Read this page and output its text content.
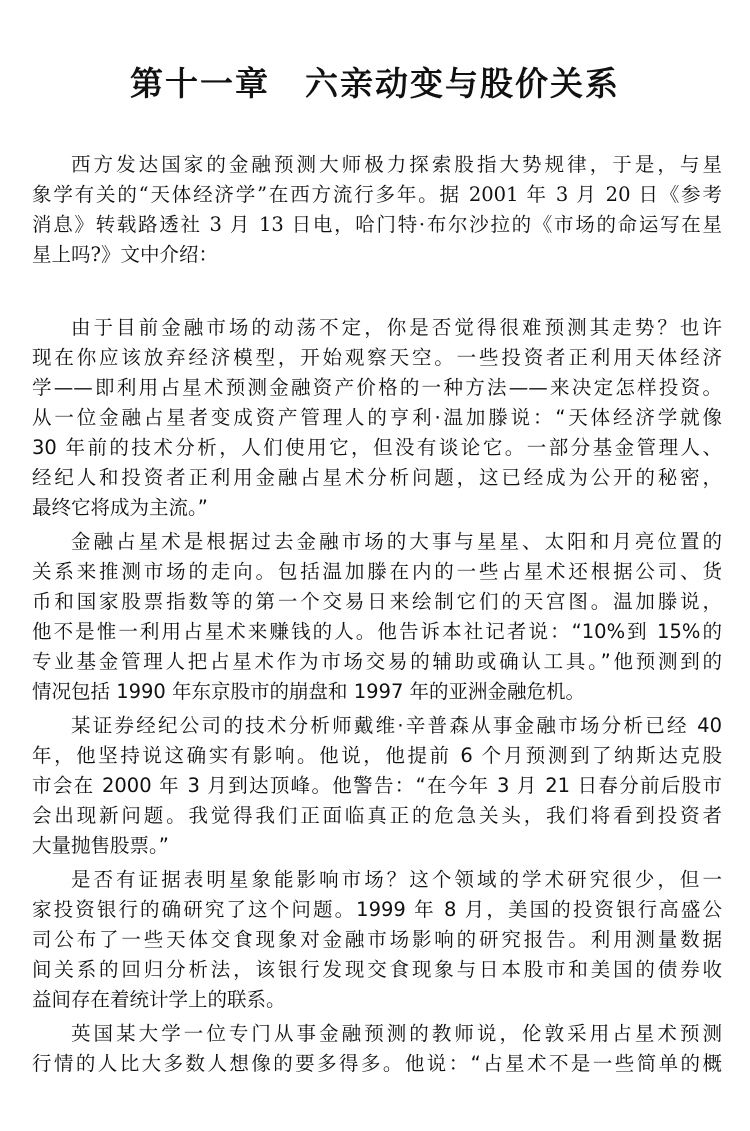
第十一章　六亲动变与股价关系
西方发达国家的金融预测大师极力探索股指大势规律，于是，与星
象学有关的“天体经济学”在西方流行多年。据 2001 年 3 月 20 日《参考
消息》转载路透社 3 月 13 日电，哈门特·布尔沙拉的《市场的命运写在星
星上吗?》文中介绍：
由于目前金融市场的动荡不定，你是否觉得很难预测其走势？也许
现在你应该放弃经济模型，开始观察天空。一些投资者正利用天体经济
学——即利用占星术预测金融资产价格的一种方法——来决定怎样投资。
从一位金融占星者变成资产管理人的亨利·温加滕说：“天体经济学就像
30 年前的技术分析，人们使用它，但没有谈论它。一部分基金管理人、
经纪人和投资者正利用金融占星术分析问题，这已经成为公开的秘密，
最终它将成为主流。”
金融占星术是根据过去金融市场的大事与星星、太阳和月亮位置的
关系来推测市场的走向。包括温加滕在内的一些占星术还根据公司、货
币和国家股票指数等的第一个交易日来绘制它们的天宫图。温加滕说，
他不是惟一利用占星术来赚钱的人。他告诉本社记者说：“10%到 15%的
专业基金管理人把占星术作为市场交易的辅助或确认工具。”他预测到的
情况包括 1990 年东京股市的崩盘和 1997 年的亚洲金融危机。
某证券经纪公司的技术分析师戴维·辛普森从事金融市场分析已经 40
年，他坚持说这确实有影响。他说，他提前 6 个月预测到了纳斯达克股
市会在 2000 年 3 月到达顶峰。他警告：“在今年 3 月 21 日春分前后股市
会出现新问题。我觉得我们正面临真正的危急关头，我们将看到投资者
大量抛售股票。”
是否有证据表明星象能影响市场？这个领域的学术研究很少，但一
家投资银行的确研究了这个问题。1999 年 8 月，美国的投资银行高盛公
司公布了一些天体交食现象对金融市场影响的研究报告。利用测量数据
间关系的回归分析法，该银行发现交食现象与日本股市和美国的债券收
益间存在着统计学上的联系。
英国某大学一位专门从事金融预测的教师说，伦敦采用占星术预测
行情的人比大多数人想像的要多得多。他说：“占星术不是一些简单的概
